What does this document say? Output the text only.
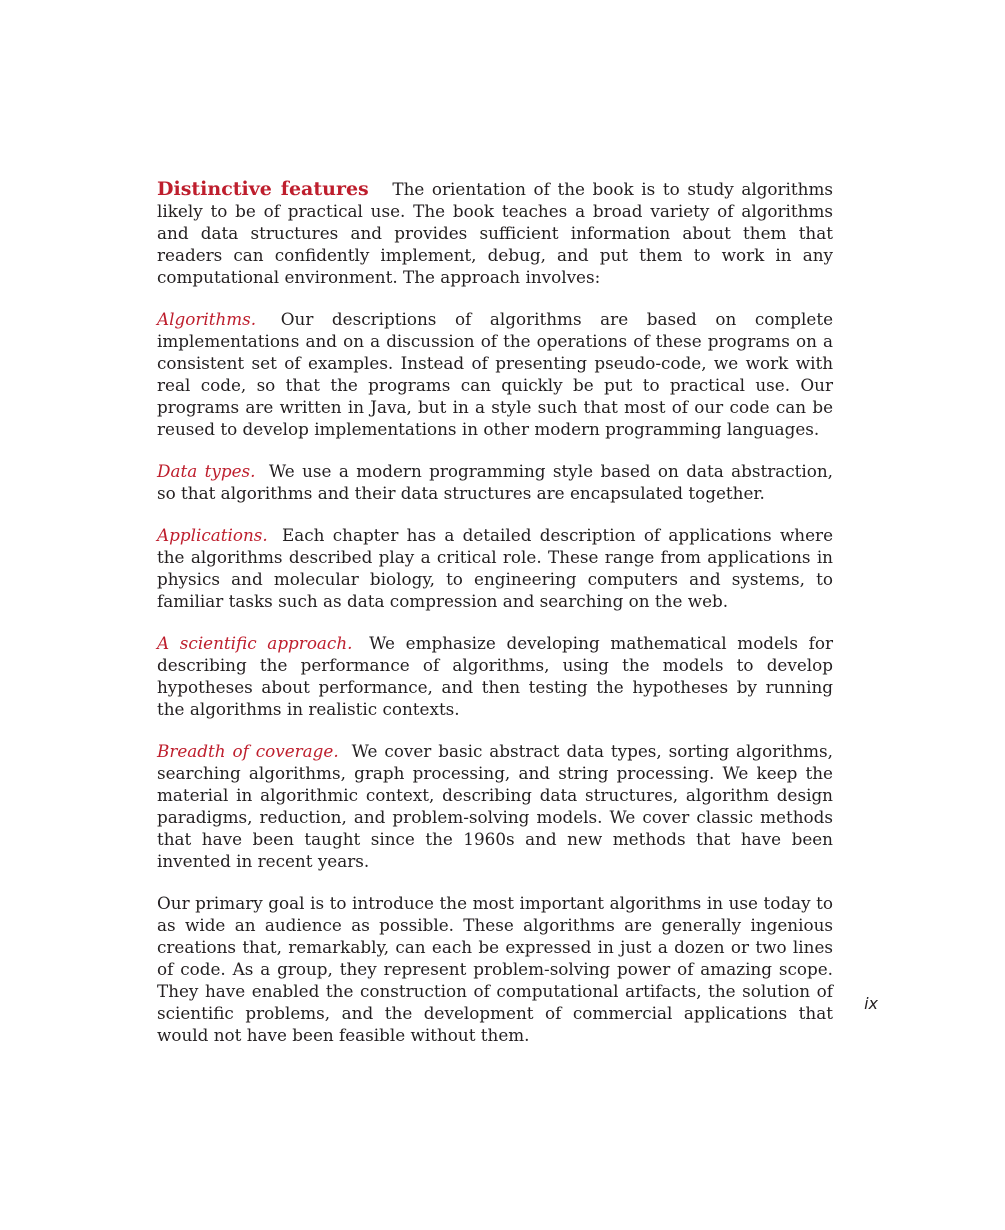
Distinctive features The orientation of the book is to study algorithms likely to be of practical use. The book teaches a broad variety of algorithms and data structures and provides sufficient information about them that readers can confidently implement, debug, and put them to work in any computational environment. The approach involves:

Algorithms. Our descriptions of algorithms are based on complete implementations and on a discussion of the operations of these programs on a consistent set of examples. Instead of presenting pseudo-code, we work with real code, so that the programs can quickly be put to practical use. Our programs are written in Java, but in a style such that most of our code can be reused to develop implementations in other modern programming languages.

Data types. We use a modern programming style based on data abstraction, so that algorithms and their data structures are encapsulated together.

Applications. Each chapter has a detailed description of applications where the algorithms described play a critical role. These range from applications in physics and molecular biology, to engineering computers and systems, to familiar tasks such as data compression and searching on the web.

A scientific approach. We emphasize developing mathematical models for describing the performance of algorithms, using the models to develop hypotheses about performance, and then testing the hypotheses by running the algorithms in realistic contexts.

Breadth of coverage. We cover basic abstract data types, sorting algorithms, searching algorithms, graph processing, and string processing. We keep the material in algorithmic context, describing data structures, algorithm design paradigms, reduction, and problem-solving models. We cover classic methods that have been taught since the 1960s and new methods that have been invented in recent years.

Our primary goal is to introduce the most important algorithms in use today to as wide an audience as possible. These algorithms are generally ingenious creations that, remarkably, can each be expressed in just a dozen or two lines of code. As a group, they represent problem-solving power of amazing scope. They have enabled the construction of computational artifacts, the solution of scientific problems, and the development of commercial applications that would not have been feasible without them.

ix
